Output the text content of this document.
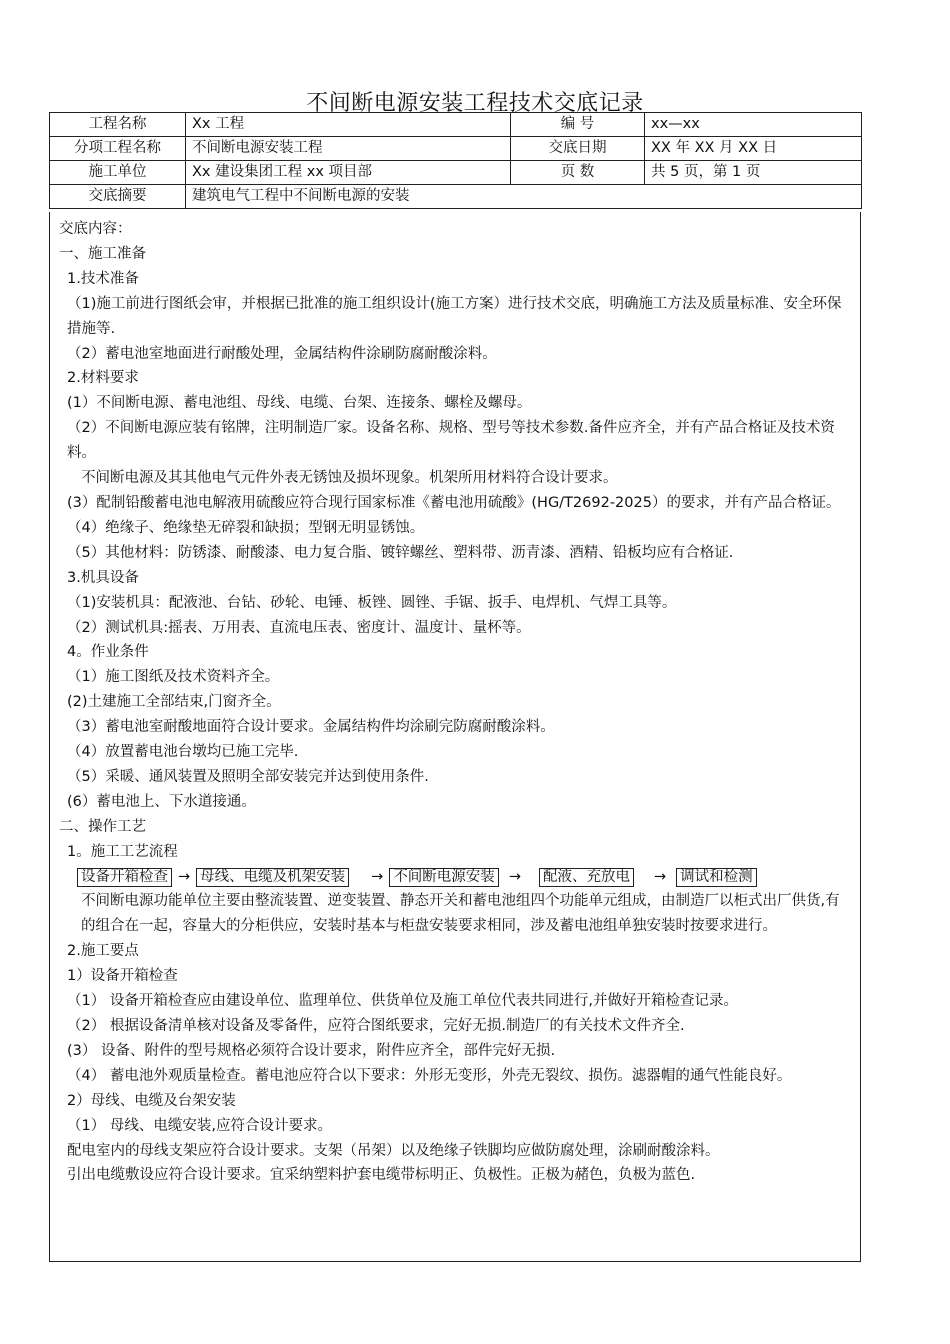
不间断电源安装工程技术交底记录
工程名称	Xx 工程	编 号	xx—xx
分项工程名称	不间断电源安装工程	交底日期	XX 年 XX 月 XX 日
施工单位	Xx 建设集团工程 xx 项目部	页 数	共 5 页，第 1 页
交底摘要	建筑电气工程中不间断电源的安装		

交底内容：

一、施工准备

1.技术准备

（1)施工前进行图纸会审，并根据已批准的施工组织设计(施工方案）进行技术交底，明确施工方法及质量标准、安全环保措施等.

（2）蓄电池室地面进行耐酸处理，金属结构件涂刷防腐耐酸涂料。

2.材料要求

(1）不间断电源、蓄电池组、母线、电缆、台架、连接条、螺栓及螺母。

（2）不间断电源应装有铭牌，注明制造厂家。设备名称、规格、型号等技术参数.备件应齐全，并有产品合格证及技术资料。

不间断电源及其其他电气元件外表无锈蚀及损坏现象。机架所用材料符合设计要求。

(3）配制铅酸蓄电池电解液用硫酸应符合现行国家标准《蓄电池用硫酸》(HG/T2692-2025）的要求，并有产品合格证。

（4）绝缘子、绝缘垫无碎裂和缺损；型钢无明显锈蚀。

（5）其他材料：防锈漆、耐酸漆、电力复合脂、镀锌螺丝、塑料带、沥青漆、酒精、铅板均应有合格证.

3.机具设备

（1)安装机具：配液池、台钻、砂轮、电锤、板锉、圆锉、手锯、扳手、电焊机、气焊工具等。

（2）测试机具:摇表、万用表、直流电压表、密度计、温度计、量杯等。

4。作业条件

（1）施工图纸及技术资料齐全。

(2)土建施工全部结束,门窗齐全。

（3）蓄电池室耐酸地面符合设计要求。金属结构件均涂刷完防腐耐酸涂料。

（4）放置蓄电池台墩均已施工完毕.

（5）采暖、通风装置及照明全部安装完并达到使用条件.

(6）蓄电池上、下水道接通。

二、操作工艺

1。施工工艺流程

设备开箱检查 → 母线、电缆及机架安装	→ 不间断电源安装 →	配液、充放电	→ 调试和检测

不间断电源功能单位主要由整流装置、逆变装置、静态开关和蓄电池组四个功能单元组成，由制造厂以柜式出厂供货,有的组合在一起，容量大的分柜供应，安装时基本与柜盘安装要求相同，涉及蓄电池组单独安装时按要求进行。

2.施工要点

1）设备开箱检查

（1） 设备开箱检查应由建设单位、监理单位、供货单位及施工单位代表共同进行,并做好开箱检查记录。

（2） 根据设备清单核对设备及零备件，应符合图纸要求，完好无损.制造厂的有关技术文件齐全.

(3） 设备、附件的型号规格必须符合设计要求，附件应齐全，部件完好无损.

（4） 蓄电池外观质量检查。蓄电池应符合以下要求：外形无变形，外壳无裂纹、损伤。滤器帽的通气性能良好。

2）母线、电缆及台架安装

（1） 母线、电缆安装,应符合设计要求。

配电室内的母线支架应符合设计要求。支架（吊架）以及绝缘子铁脚均应做防腐处理，涂刷耐酸涂料。

引出电缆敷设应符合设计要求。宜采纳塑料护套电缆带标明正、负极性。正极为赭色，负极为蓝色.
